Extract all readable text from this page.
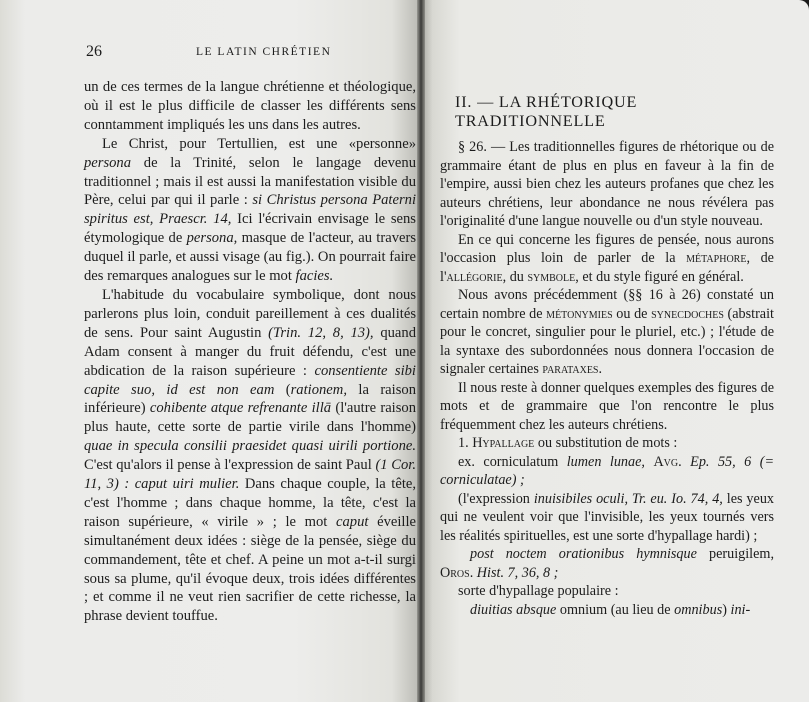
26	LE LATIN CHRÉTIEN

un de ces termes de la langue chrétienne et théologique, où il est le plus difficile de classer les différents sens conntamment impliqués les uns dans les autres.

Le Christ, pour Tertullien, est une «personne» persona de la Trinité, selon le langage devenu traditionnel ; mais il est aussi la manifestation visible du Père, celui par qui il parle : si Christus persona Paterni spiritus est, Praescr. 14, Ici l'écrivain envisage le sens étymologique de persona, masque de l'acteur, au travers duquel il parle, et aussi visage (au fig.). On pourrait faire des remarques analogues sur le mot facies.

L'habitude du vocabulaire symbolique, dont nous parlerons plus loin, conduit pareillement à ces dualités de sens. Pour saint Augustin (Trin. 12, 8, 13), quand Adam consent à manger du fruit défendu, c'est une abdication de la raison supérieure : consentiente sibi capite suo, id est non eam (rationem, la raison inférieure) cohibente atque refrenante illā (l'autre raison plus haute, cette sorte de partie virile dans l'homme) quae in specula consilii praesidet quasi uirili portione. C'est qu'alors il pense à l'expression de saint Paul (1 Cor. 11, 3) : caput uiri mulier. Dans chaque couple, la tête, c'est l'homme ; dans chaque homme, la tête, c'est la raison supérieure, « virile » ; le mot caput éveille simultanément deux idées : siège de la pensée, siège du commandement, tête et chef. A peine un mot a-t-il surgi sous sa plume, qu'il évoque deux, trois idées différentes ; et comme il ne veut rien sacrifier de cette richesse, la phrase devient touffue.

II. — LA RHÉTORIQUE TRADITIONNELLE

§ 26. — Les traditionnelles figures de rhétorique ou de grammaire étant de plus en plus en faveur à la fin de l'empire, aussi bien chez les auteurs profanes que chez les auteurs chrétiens, leur abondance ne nous révélera pas l'originalité d'une langue nouvelle ou d'un style nouveau.

En ce qui concerne les figures de pensée, nous aurons l'occasion plus loin de parler de la métaphore, de l'allégorie, du symbole, et du style figuré en général.

Nous avons précédemment (§§ 16 à 26) constaté un certain nombre de métonymies ou de synecdoches (abstrait pour le concret, singulier pour le pluriel, etc.) ; l'étude de la syntaxe des subordonnées nous donnera l'occasion de signaler certaines parataxes.

Il nous reste à donner quelques exemples des figures de mots et de grammaire que l'on rencontre le plus fréquemment chez les auteurs chrétiens.

1. Hypallage ou substitution de mots :

ex. corniculatum lumen lunae, Avg. Ep. 55, 6 (= corniculatae) ;

(l'expression inuisibiles oculi, Tr. eu. Io. 74, 4, les yeux qui ne veulent voir que l'invisible, les yeux tournés vers les réalités spirituelles, est une sorte d'hypallage hardi) ;

post noctem orationibus hymnisque peruigilem, Oros. Hist. 7, 36, 8 ;

sorte d'hypallage populaire :

diuitias absque omnium (au lieu de omnibus) ini-
